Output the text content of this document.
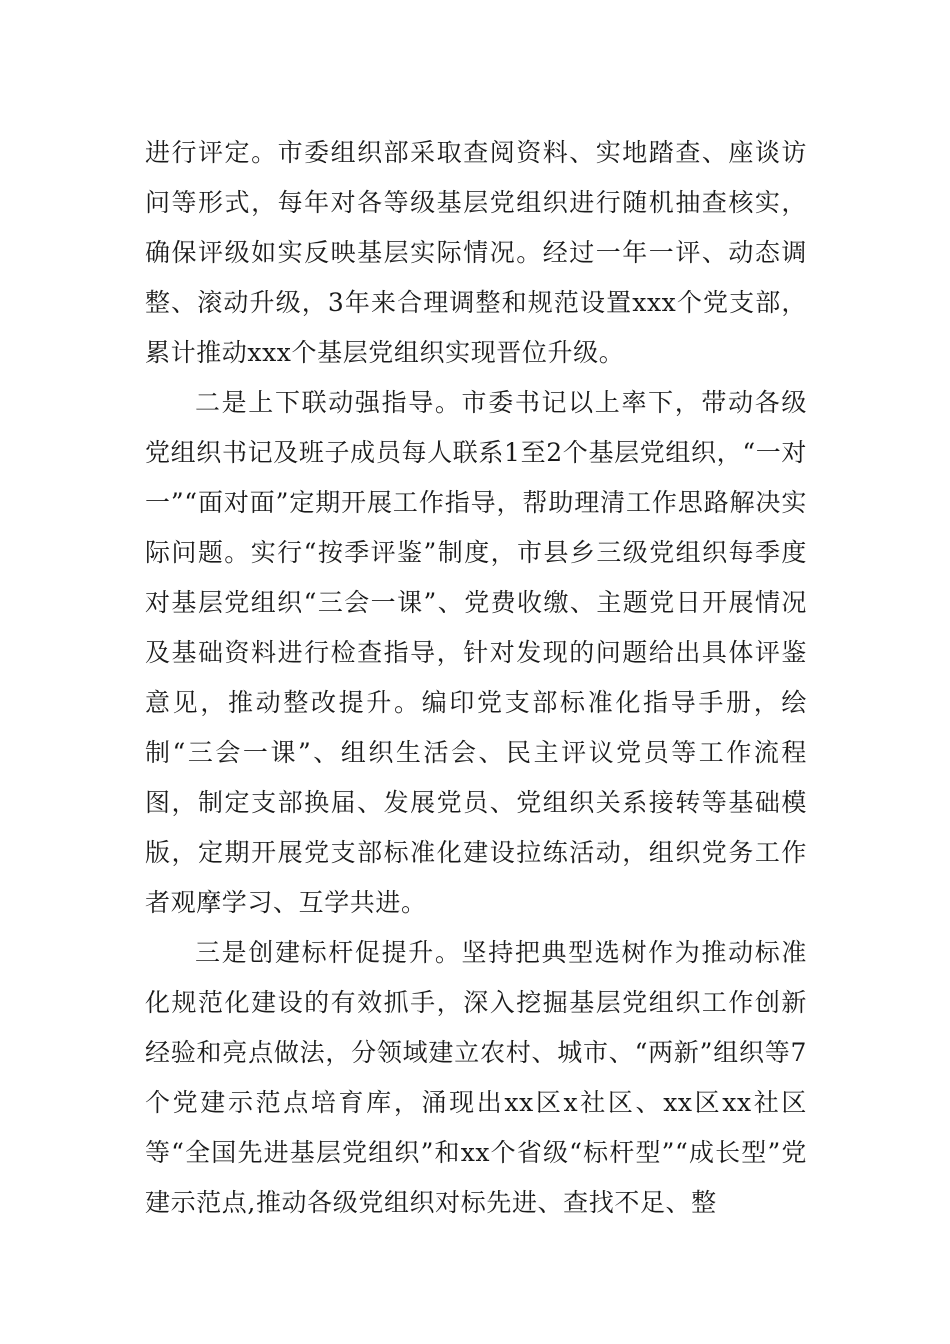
进行评定。市委组织部采取查阅资料、实地踏查、座谈访问等形式，每年对各等级基层党组织进行随机抽查核实，确保评级如实反映基层实际情况。经过一年一评、动态调整、滚动升级，3年来合理调整和规范设置xxx个党支部，累计推动xxx个基层党组织实现晋位升级。

二是上下联动强指导。市委书记以上率下，带动各级党组织书记及班子成员每人联系1至2个基层党组织，“一对一”“面对面”定期开展工作指导，帮助理清工作思路解决实际问题。实行“按季评鉴”制度，市县乡三级党组织每季度对基层党组织“三会一课”、党费收缴、主题党日开展情况及基础资料进行检查指导，针对发现的问题给出具体评鉴意见，推动整改提升。编印党支部标准化指导手册，绘制“三会一课”、组织生活会、民主评议党员等工作流程图，制定支部换届、发展党员、党组织关系接转等基础模版，定期开展党支部标准化建设拉练活动，组织党务工作者观摩学习、互学共进。

三是创建标杆促提升。坚持把典型选树作为推动标准化规范化建设的有效抓手，深入挖掘基层党组织工作创新经验和亮点做法，分领域建立农村、城市、“两新”组织等7个党建示范点培育库，涌现出xx区x社区、xx区xx社区等“全国先进基层党组织”和xx个省级“标杆型”“成长型”党建示范点,推动各级党组织对标先进、查找不足、整
